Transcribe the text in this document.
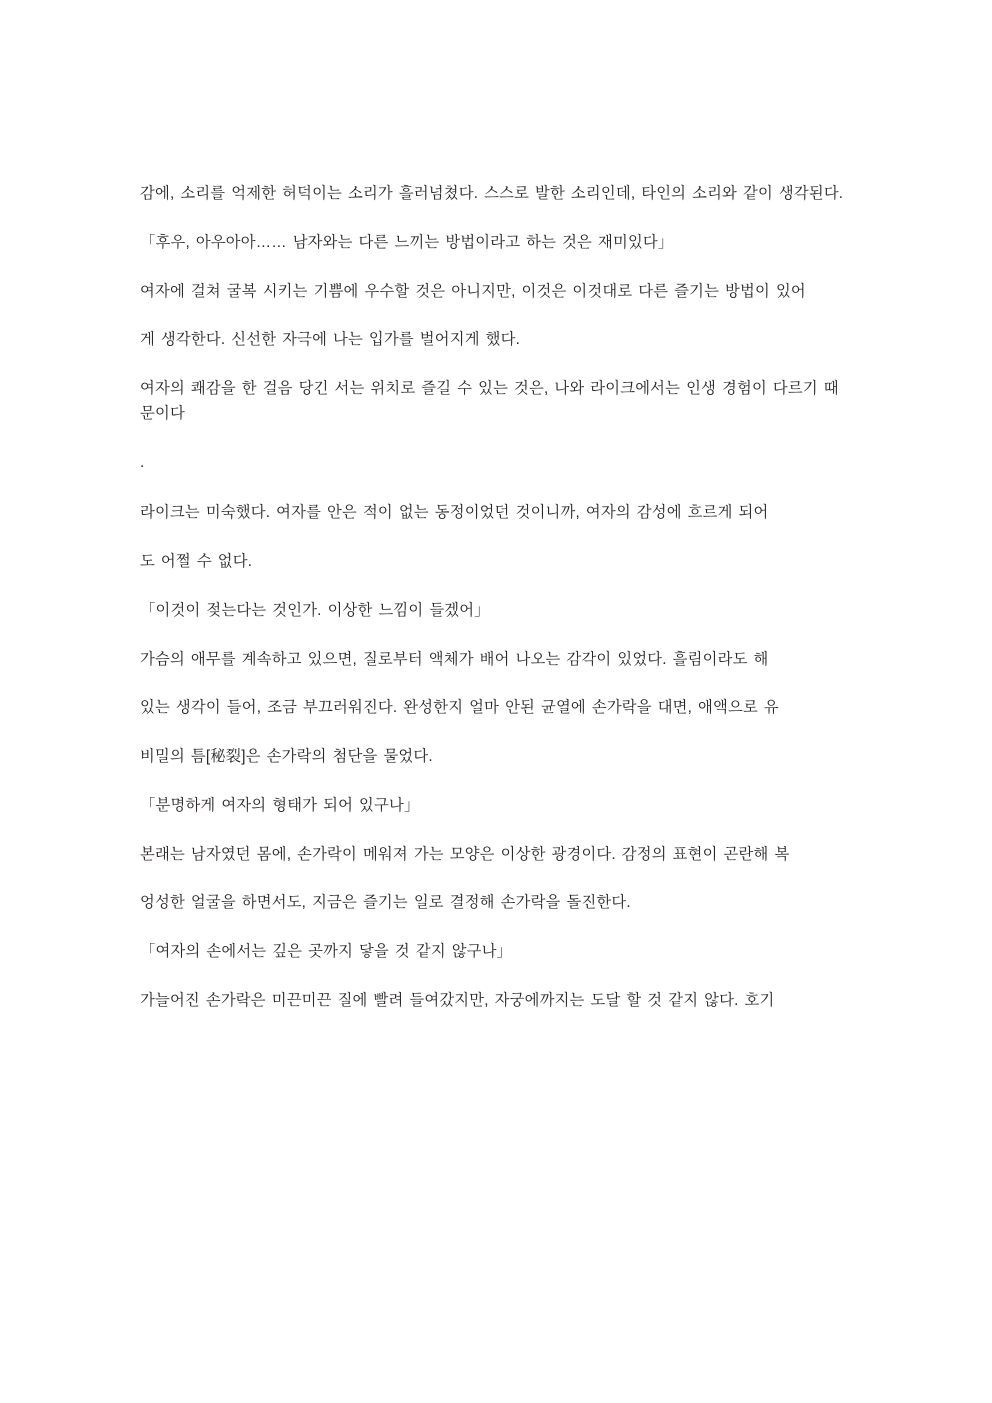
감에, 소리를 억제한 허덕이는 소리가 흘러넘쳤다. 스스로 발한 소리인데, 타인의 소리와 같이 생각된다.

「후우, 아우아아…… 남자와는 다른 느끼는 방법이라고 하는 것은 재미있다」

여자에 걸쳐 굴복 시키는 기쁨에 우수할 것은 아니지만, 이것은 이것대로 다른 즐기는 방법이 있어

게 생각한다. 신선한 자극에 나는 입가를 벌어지게 했다.

여자의 쾌감을 한 걸음 당긴 서는 위치로 즐길 수 있는 것은, 나와 라이크에서는 인생 경험이 다르기 때문이다

.

라이크는 미숙했다. 여자를 안은 적이 없는 동정이었던 것이니까, 여자의 감성에 흐르게 되어

도 어쩔 수 없다.

「이것이 젖는다는 것인가. 이상한 느낌이 들겠어」

가슴의 애무를 계속하고 있으면, 질로부터 액체가 배어 나오는 감각이 있었다. 흘림이라도 해

있는 생각이 들어, 조금 부끄러워진다. 완성한지 얼마 안된 균열에 손가락을 대면, 애액으로 유

비밀의 틈[秘裂]은 손가락의 첨단을 물었다.

「분명하게 여자의 형태가 되어 있구나」

본래는 남자였던 몸에, 손가락이 메워져 가는 모양은 이상한 광경이다. 감정의 표현이 곤란해 복

엉성한 얼굴을 하면서도, 지금은 즐기는 일로 결정해 손가락을 돌진한다.

「여자의 손에서는 깊은 곳까지 닿을 것 같지 않구나」

가늘어진 손가락은 미끈미끈 질에 빨려 들여갔지만, 자궁에까지는 도달 할 것 같지 않다. 호기
